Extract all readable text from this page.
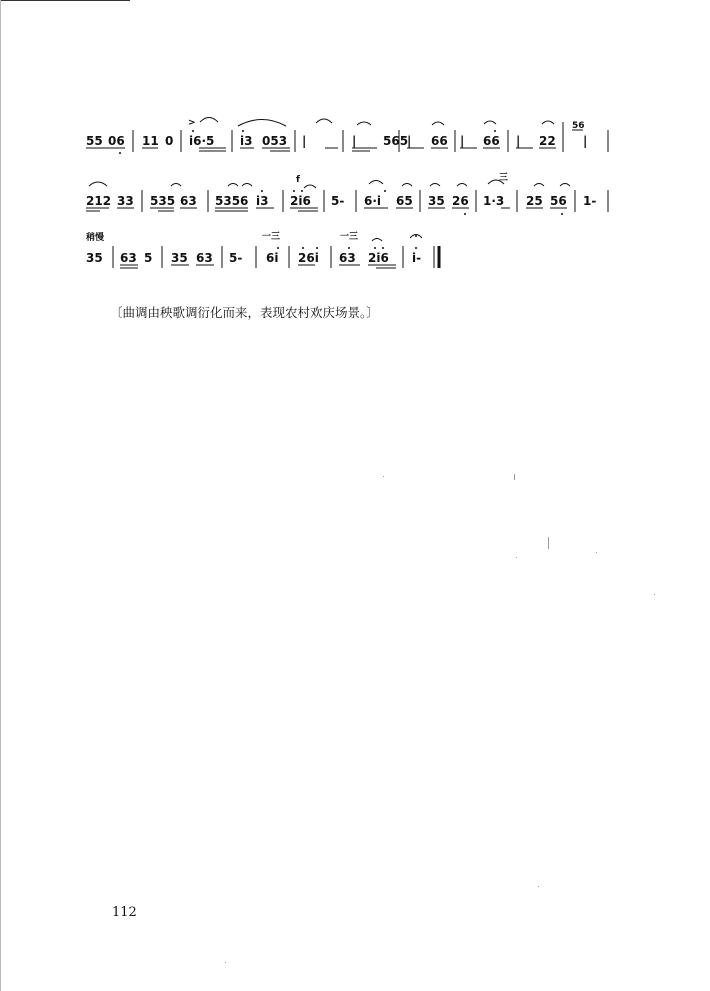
55 06 11 0
>
i6·5 i3 053 |	| 565
| 66 | 66 | 22
56
|
212 33 535 63 5356 i3
f
2i6 5- 6·i 65 35 26
三
1·3 25 56 1-
稍慢
35 63 5 35 63 5-
一三
6i 26i
一三
63 2i6 i-
〔曲调由秧歌调衍化而来，表现农村欢庆场景。〕
112
